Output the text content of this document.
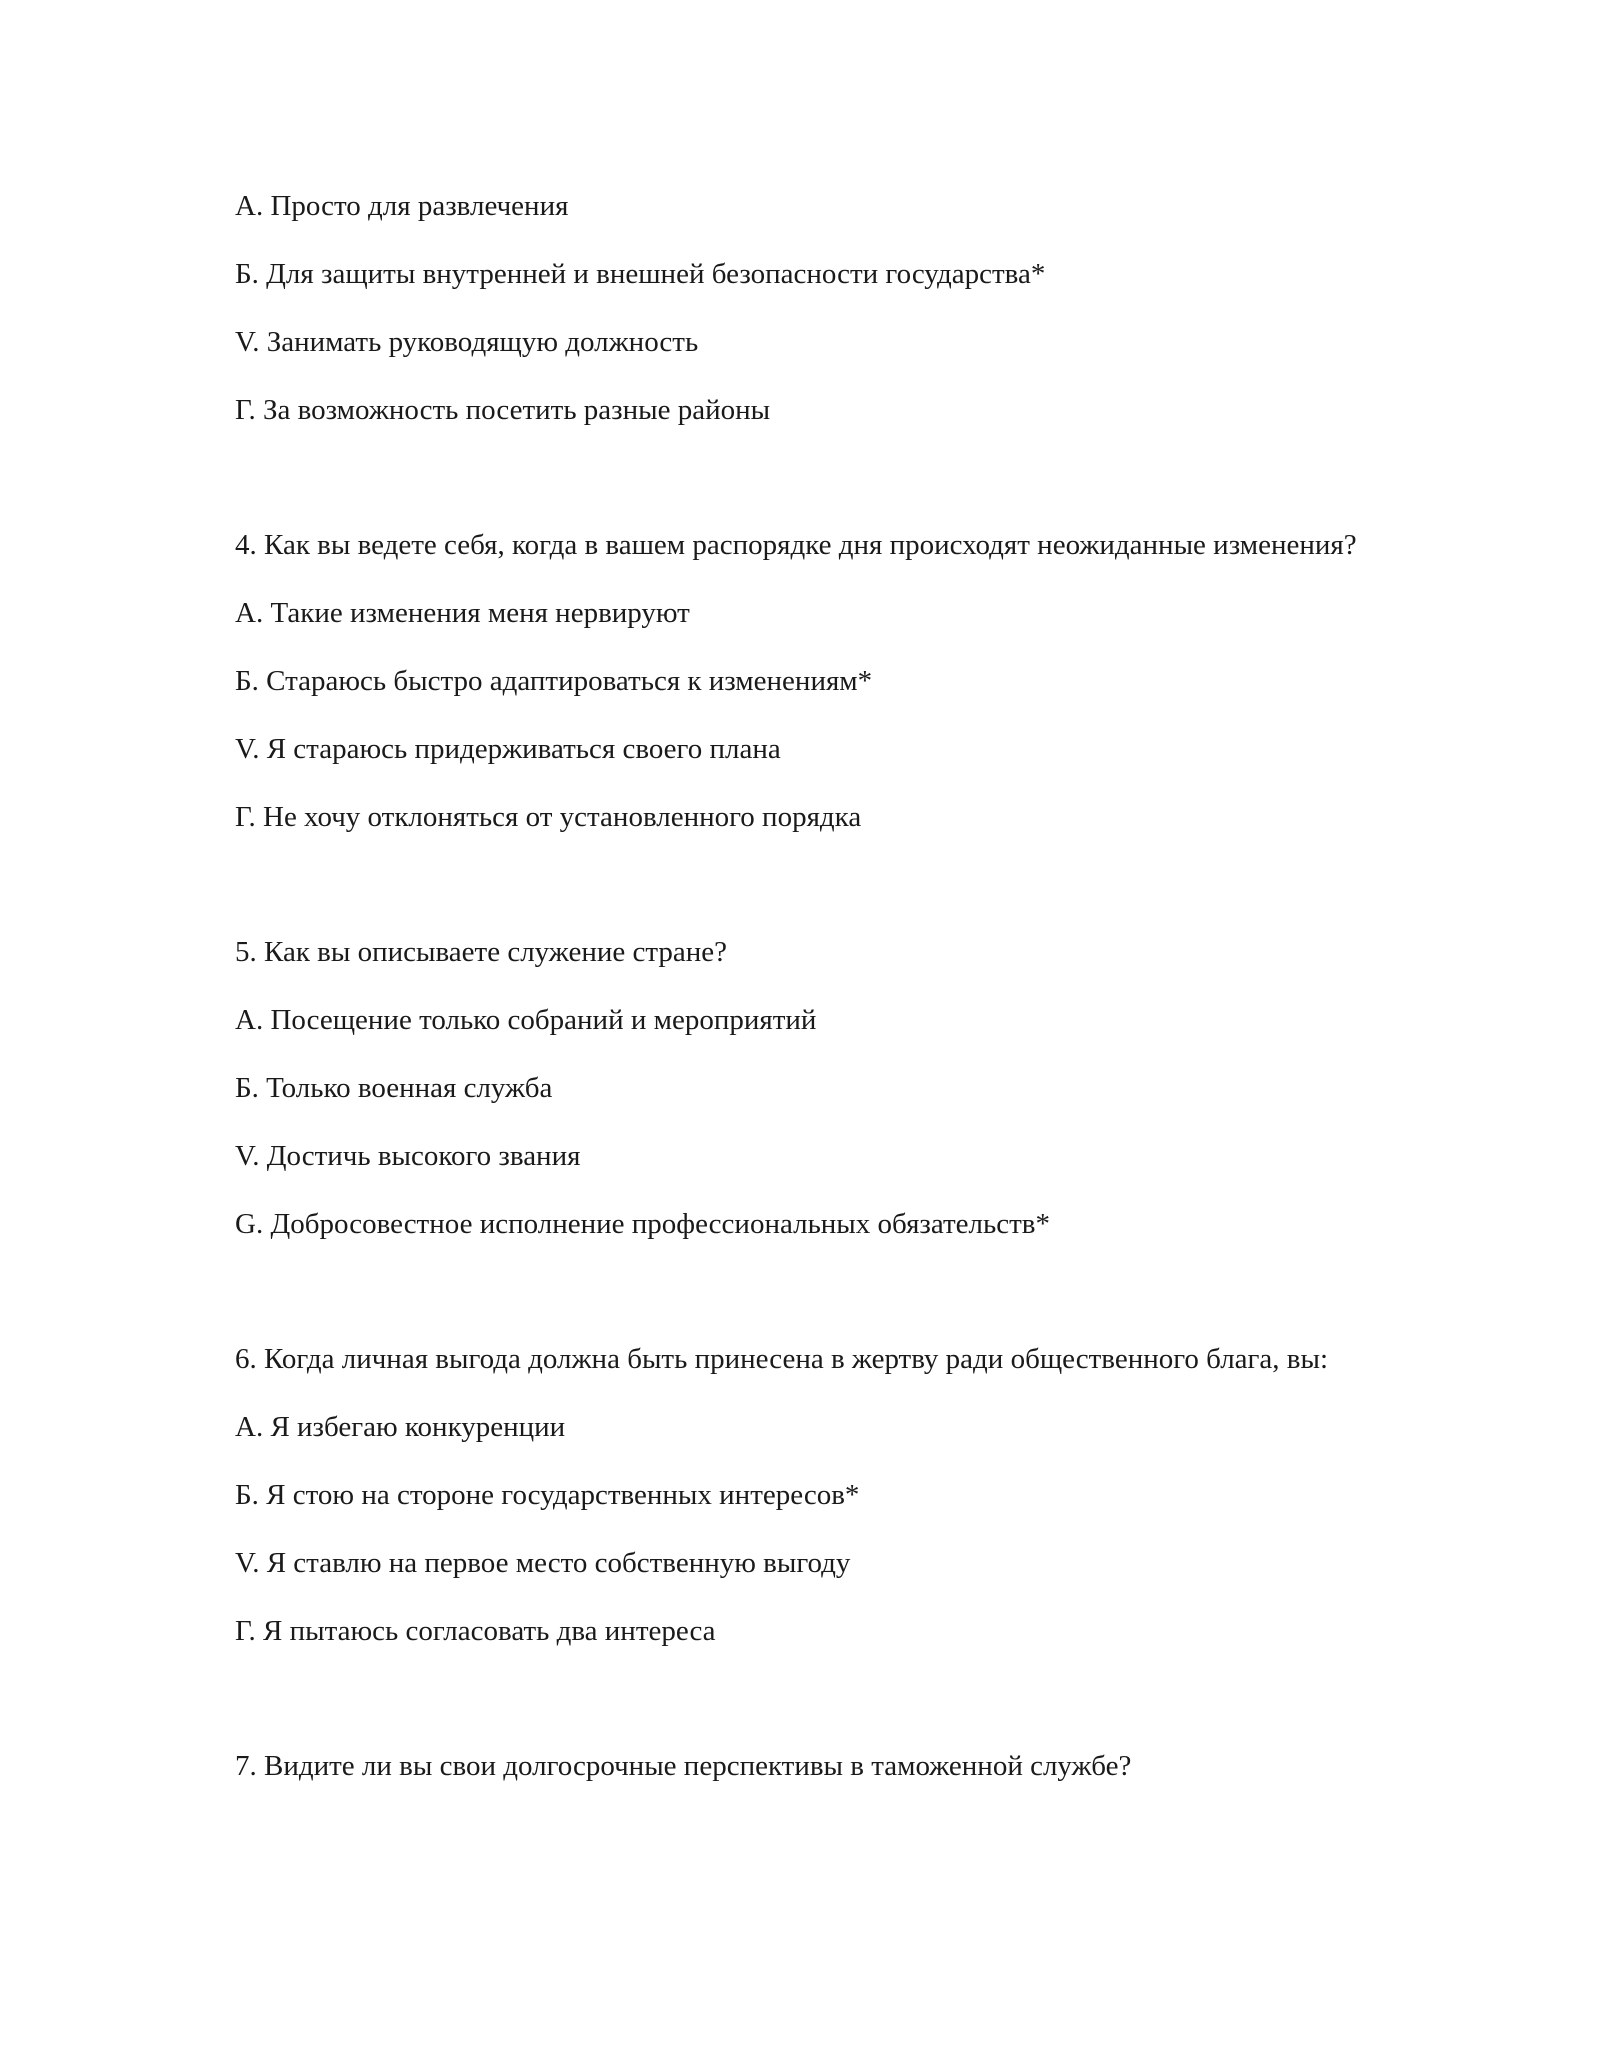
А. Просто для развлечения

Б. Для защиты внутренней и внешней безопасности государства*

V. Занимать руководящую должность

Г. За возможность посетить разные районы

4. Как вы ведете себя, когда в вашем распорядке дня происходят неожиданные изменения?

А. Такие изменения меня нервируют

Б. Стараюсь быстро адаптироваться к изменениям*

V. Я стараюсь придерживаться своего плана

Г. Не хочу отклоняться от установленного порядка

5. Как вы описываете служение стране?

А. Посещение только собраний и мероприятий

Б. Только военная служба

V. Достичь высокого звания

G. Добросовестное исполнение профессиональных обязательств*

6. Когда личная выгода должна быть принесена в жертву ради общественного блага, вы:

А. Я избегаю конкуренции

Б. Я стою на стороне государственных интересов*

V. Я ставлю на первое место собственную выгоду

Г. Я пытаюсь согласовать два интереса

7. Видите ли вы свои долгосрочные перспективы в таможенной службе?
